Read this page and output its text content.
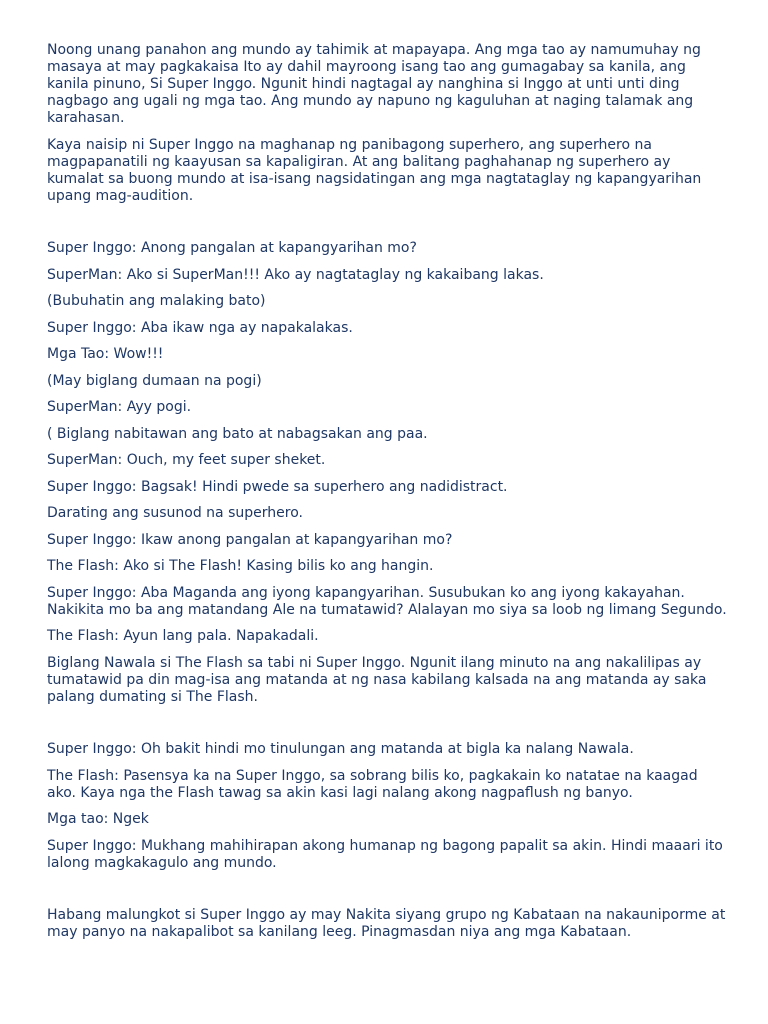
Noong unang panahon ang mundo ay tahimik at mapayapa. Ang mga tao ay namumuhay ng masaya at may pagkakaisa Ito ay dahil mayroong isang tao ang gumagabay sa kanila, ang kanila pinuno, Si Super Inggo. Ngunit hindi nagtagal ay nanghina si Inggo at unti unti ding nagbago ang ugali ng mga tao. Ang mundo ay napuno ng kaguluhan at naging talamak ang karahasan.

Kaya naisip ni Super Inggo na maghanap ng panibagong superhero, ang superhero na magpapanatili ng kaayusan sa kapaligiran. At ang balitang paghahanap ng superhero ay kumalat sa buong mundo at isa-isang nagsidatingan ang mga nagtataglay ng kapangyarihan upang mag-audition.

Super Inggo: Anong pangalan at kapangyarihan mo?

SuperMan: Ako si SuperMan!!! Ako ay nagtataglay ng kakaibang lakas.

(Bubuhatin ang malaking bato)

Super Inggo: Aba ikaw nga ay napakalakas.

Mga Tao: Wow!!!

(May biglang dumaan na pogi)

SuperMan: Ayy pogi.

( Biglang nabitawan ang bato at nabagsakan ang paa.

SuperMan: Ouch, my feet super sheket.

Super Inggo: Bagsak! Hindi pwede sa superhero ang nadidistract.

Darating ang susunod na superhero.

Super Inggo: Ikaw anong pangalan at kapangyarihan mo?

The Flash: Ako si The Flash! Kasing bilis ko ang hangin.

Super Inggo: Aba Maganda ang iyong kapangyarihan. Susubukan ko ang iyong kakayahan. Nakikita mo ba ang matandang Ale na tumatawid? Alalayan mo siya sa loob ng limang Segundo.

The Flash: Ayun lang pala. Napakadali.

Biglang Nawala si The Flash sa tabi ni Super Inggo. Ngunit ilang minuto na ang nakalilipas ay tumatawid pa din mag-isa ang matanda at ng nasa kabilang kalsada na ang matanda ay saka palang dumating si The Flash.

Super Inggo: Oh bakit hindi mo tinulungan ang matanda at bigla ka nalang Nawala.

The Flash: Pasensya ka na Super Inggo, sa sobrang bilis ko, pagkakain ko natatae na kaagad ako. Kaya nga the Flash tawag sa akin kasi lagi nalang akong nagpaflush ng banyo.

Mga tao: Ngek

Super Inggo: Mukhang mahihirapan akong humanap ng bagong papalit sa akin. Hindi maaari ito lalong magkakagulo ang mundo.

Habang malungkot si Super Inggo ay may Nakita siyang grupo ng Kabataan na nakauniporme at may panyo na nakapalibot sa kanilang leeg. Pinagmasdan niya ang mga Kabataan.
